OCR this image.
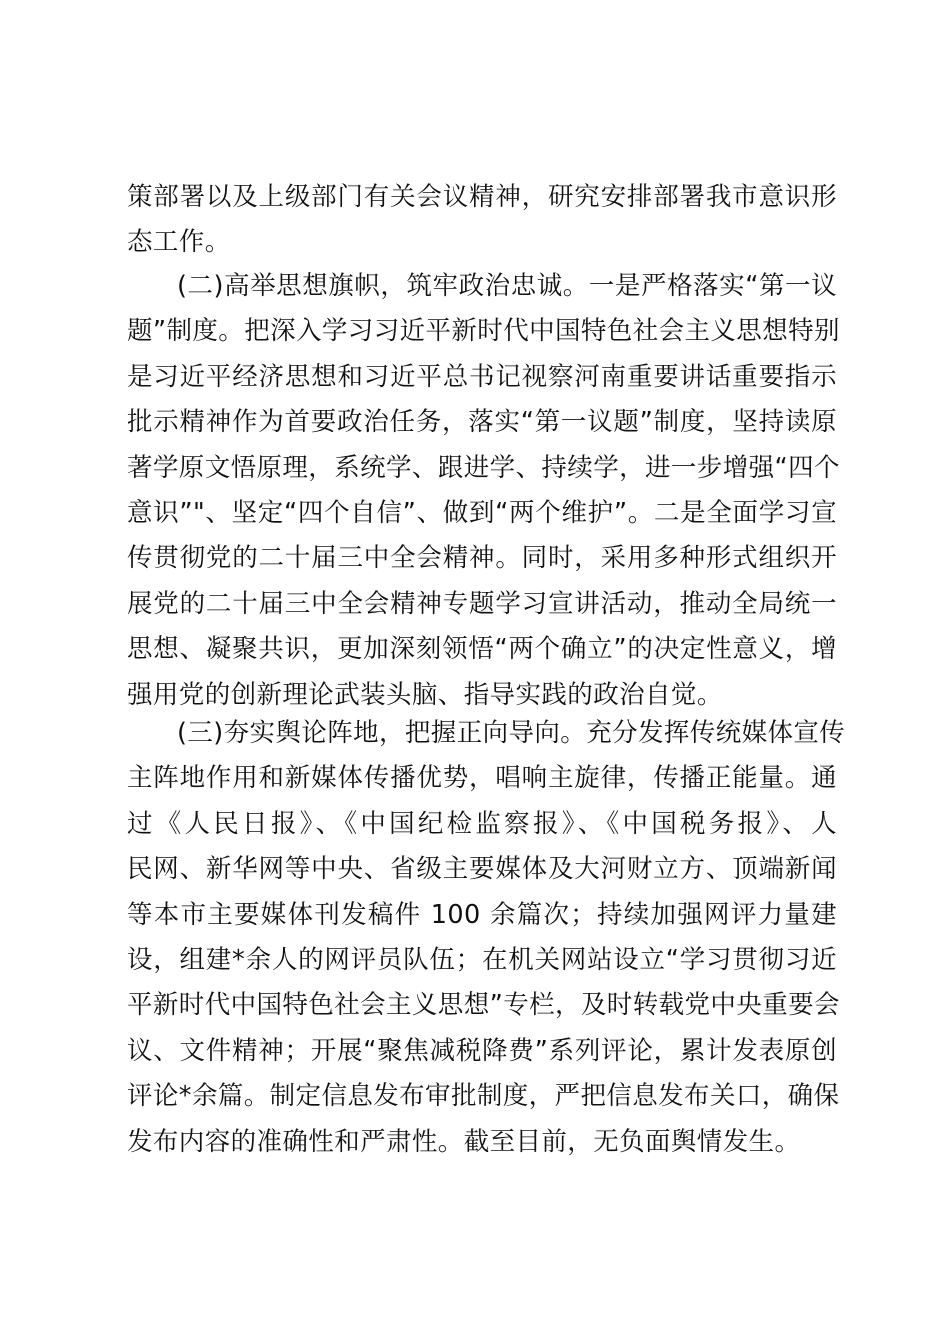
策部署以及上级部门有关会议精神，研究安排部署我市意识形
态工作。
(二)高举思想旗帜，筑牢政治忠诚。一是严格落实“第一议
题”制度。把深入学习习近平新时代中国特色社会主义思想特别
是习近平经济思想和习近平总书记视察河南重要讲话重要指示
批示精神作为首要政治任务，落实“第一议题”制度，坚持读原
著学原文悟原理，系统学、跟进学、持续学，进一步增强“四个
意识”"、坚定“四个自信”、做到“两个维护”。二是全面学习宣
传贯彻党的二十届三中全会精神。同时，采用多种形式组织开
展党的二十届三中全会精神专题学习宣讲活动，推动全局统一
思想、凝聚共识，更加深刻领悟“两个确立”的决定性意义，增
强用党的创新理论武装头脑、指导实践的政治自觉。
(三)夯实舆论阵地，把握正向导向。充分发挥传统媒体宣传
主阵地作用和新媒体传播优势，唱响主旋律，传播正能量。通
过《人民日报》、《中国纪检监察报》、《中国税务报》、人
民网、新华网等中央、省级主要媒体及大河财立方、顶端新闻
等本市主要媒体刊发稿件 100 余篇次；持续加强网评力量建
设，组建*余人的网评员队伍；在机关网站设立“学习贯彻习近
平新时代中国特色社会主义思想”专栏，及时转载党中央重要会
议、文件精神；开展“聚焦减税降费”系列评论，累计发表原创
评论*余篇。制定信息发布审批制度，严把信息发布关口，确保
发布内容的准确性和严肃性。截至目前，无负面舆情发生。
